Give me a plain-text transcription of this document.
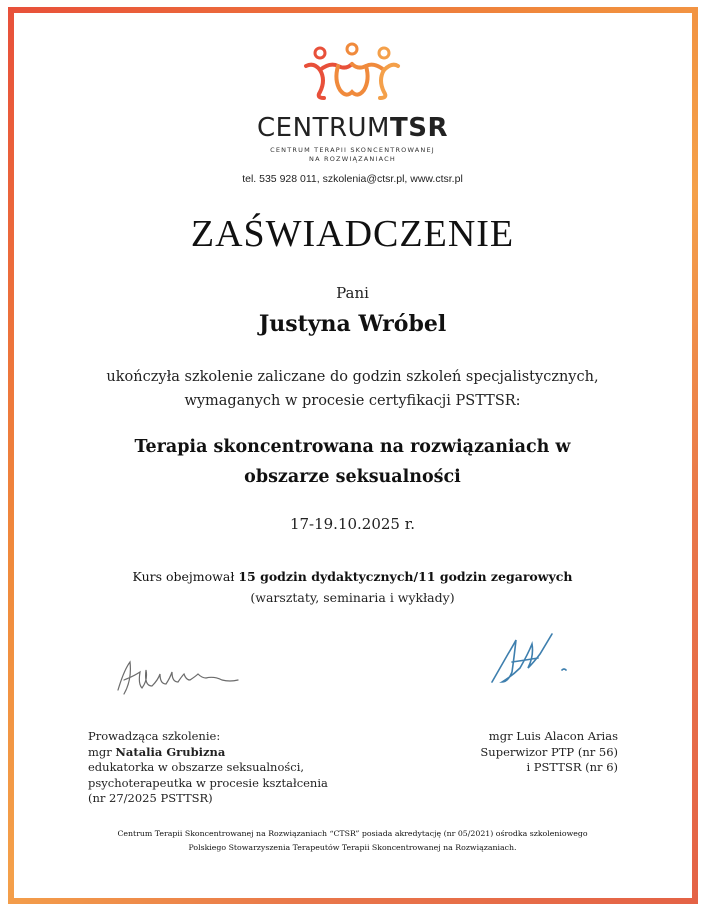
CENTRUMTSR
CENTRUM TERAPII SKONCENTROWANEJ
NA ROZWIĄZANIACH
tel. 535 928 011, szkolenia@ctsr.pl, www.ctsr.pl
ZAŚWIADCZENIE
Pani
Justyna Wróbel
ukończyła szkolenie zaliczane do godzin szkoleń specjalistycznych,
wymaganych w procesie certyfikacji PSTTSR:
Terapia skoncentrowana na rozwiązaniach w
obszarze seksualności
17-19.10.2025 r.
Kurs obejmował 15 godzin dydaktycznych/11 godzin zegarowych
(warsztaty, seminaria i wykłady)
Prowadząca szkolenie:
mgr Natalia Grubizna
edukatorka w obszarze seksualności,
psychoterapeutka w procesie kształcenia
(nr 27/2025 PSTTSR)
mgr Luis Alacon Arias
Superwizor PTP (nr 56)
i PSTTSR (nr 6)
Centrum Terapii Skoncentrowanej na Rozwiązaniach “CTSR” posiada akredytację (nr 05/2021) ośrodka szkoleniowego
Polskiego Stowarzyszenia Terapeutów Terapii Skoncentrowanej na Rozwiązaniach.
